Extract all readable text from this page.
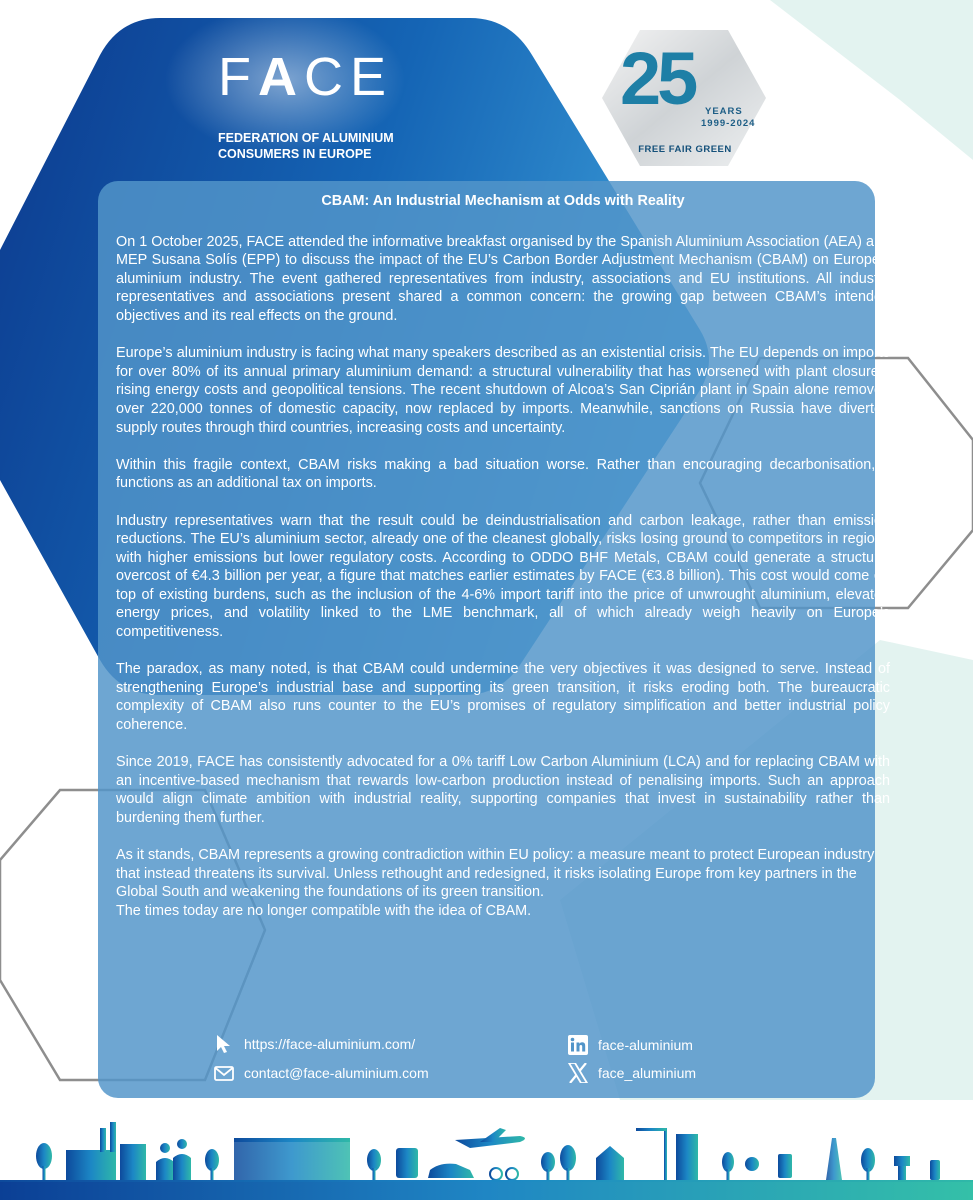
FACE
FEDERATION OF ALUMINIUM
CONSUMERS IN EUROPE
25 YEARS
1999-2024
FREE FAIR GREEN
CBAM: An Industrial Mechanism at Odds with Reality

On 1 October 2025, FACE attended the informative breakfast organised by the Spanish Aluminium Association (AEA) and MEP Susana Solís (EPP) to discuss the impact of the EU’s Carbon Border Adjustment Mechanism (CBAM) on Europe’s aluminium industry. The event gathered representatives from industry, associations and EU institutions. All industry representatives and associations present shared a common concern: the growing gap between CBAM’s intended objectives and its real effects on the ground.

Europe’s aluminium industry is facing what many speakers described as an existential crisis. The EU depends on imports for over 80% of its annual primary aluminium demand: a structural vulnerability that has worsened with plant closures, rising energy costs and geopolitical tensions. The recent shutdown of Alcoa’s San Ciprián plant in Spain alone removed over 220,000 tonnes of domestic capacity, now replaced by imports. Meanwhile, sanctions on Russia have diverted supply routes through third countries, increasing costs and uncertainty.

Within this fragile context, CBAM risks making a bad situation worse. Rather than encouraging decarbonisation, it functions as an additional tax on imports.

Industry representatives warn that the result could be deindustrialisation and carbon leakage, rather than emission reductions. The EU’s aluminium sector, already one of the cleanest globally, risks losing ground to competitors in regions with higher emissions but lower regulatory costs. According to ODDO BHF Metals, CBAM could generate a structural overcost of €4.3 billion per year, a figure that matches earlier estimates by FACE (€3.8 billion). This cost would come on top of existing burdens, such as the inclusion of the 4-6% import tariff into the price of unwrought aluminium, elevated energy prices, and volatility linked to the LME benchmark, all of which already weigh heavily on Europe’s competitiveness.

The paradox, as many noted, is that CBAM could undermine the very objectives it was designed to serve. Instead of strengthening Europe’s industrial base and supporting its green transition, it risks eroding both. The bureaucratic complexity of CBAM also runs counter to the EU’s promises of regulatory simplification and better industrial policy coherence.

Since 2019, FACE has consistently advocated for a 0% tariff Low Carbon Aluminium (LCA) and for replacing CBAM with an incentive-based mechanism that rewards low-carbon production instead of penalising imports. Such an approach would align climate ambition with industrial reality, supporting companies that invest in sustainability rather than burdening them further.

As it stands, CBAM represents a growing contradiction within EU policy: a measure meant to protect European industry that instead threatens its survival. Unless rethought and redesigned, it risks isolating Europe from key partners in the Global South and weakening the foundations of its green transition.

The times today are no longer compatible with the idea of CBAM.

https://face-aluminium.com/
contact@face-aluminium.com
face-aluminium
face_aluminium
